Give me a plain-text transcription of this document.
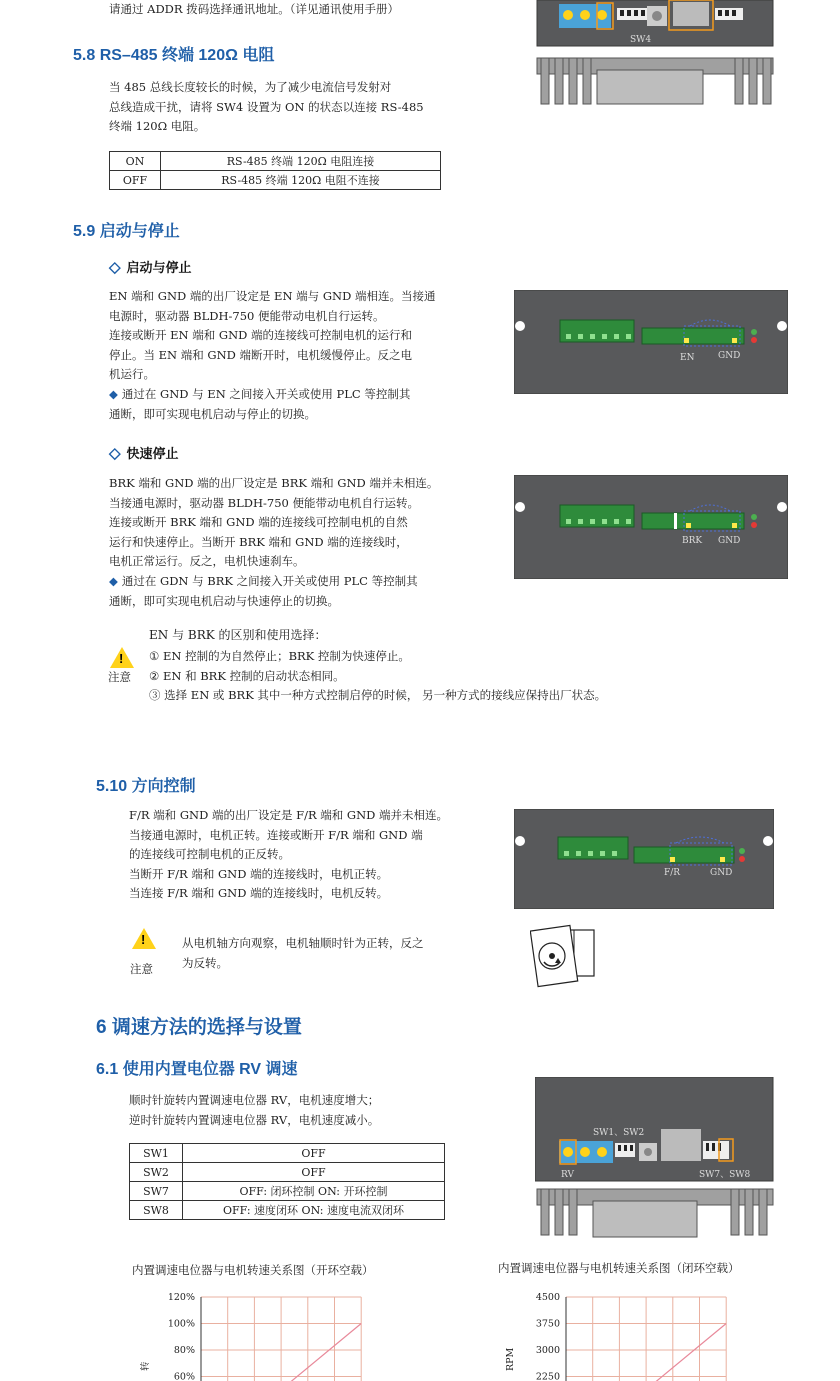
请通过 ADDR 拨码选择通讯地址。（详见通讯使用手册）
SW4
5.8 RS–485 终端 120Ω 电阻
当 485 总线长度较长的时候，为了减少电流信号发射对
总线造成干扰，请将 SW4 设置为 ON 的状态以连接 RS-485
终端 120Ω 电阻。
ON	RS-485 终端 120Ω 电阻连接
OFF	RS-485 终端 120Ω 电阻不连接
5.9 启动与停止
◇ 启动与停止
EN 端和 GND 端的出厂设定是 EN 端与 GND 端相连。当接通
电源时，驱动器 BLDH-750 便能带动电机自行运转。
连接或断开 EN 端和 GND 端的连接线可控制电机的运行和
停止。当 EN 端和 GND 端断开时，电机缓慢停止。反之电
机运行。
◆ 通过在 GND 与 EN 之间接入开关或使用 PLC 等控制其
通断，即可实现电机启动与停止的切换。
EN	GND
◇ 快速停止
BRK 端和 GND 端的出厂设定是 BRK 端和 GND 端并未相连。
当接通电源时，驱动器 BLDH-750 便能带动电机自行运转。
连接或断开 BRK 端和 GND 端的连接线可控制电机的自然
运行和快速停止。当断开 BRK 端和 GND 端的连接线时，
电机正常运行。反之，电机快速刹车。
◆ 通过在 GDN 与 BRK 之间接入开关或使用 PLC 等控制其
通断，即可实现电机启动与快速停止的切换。
BRK GND
EN 与 BRK 的区别和使用选择：
!
注意
① EN 控制的为自然停止；BRK 控制为快速停止。
② EN 和 BRK 控制的启动状态相同。
③ 选择 EN 或 BRK 其中一种方式控制启停的时候， 另一种方式的接线应保持出厂状态。
5.10 方向控制
F/R 端和 GND 端的出厂设定是 F/R 端和 GND 端并未相连。
当接通电源时，电机正转。连接或断开 F/R 端和 GND 端
的连接线可控制电机的正反转。
当断开 F/R 端和 GND 端的连接线时，电机正转。
当连接 F/R 端和 GND 端的连接线时，电机反转。
F/R	GND
!
注意
从电机轴方向观察，电机轴顺时针为正转，反之
为反转。
6 调速方法的选择与设置
6.1 使用内置电位器 RV 调速
顺时针旋转内置调速电位器 RV，电机速度增大；
逆时针旋转内置调速电位器 RV，电机速度减小。
SW1	OFF
SW2	OFF
SW7	OFF: 闭环控制 ON: 开环控制
SW8	OFF: 速度闭环 ON: 速度电流双闭环
SW1、SW2
RV	SW7、SW8
内置调速电位器与电机转速关系图（开环空载）	内置调速电位器与电机转速关系图（闭环空载）
120%
100%
80%
60%
转
4500
3750
3000
2250
RPM
